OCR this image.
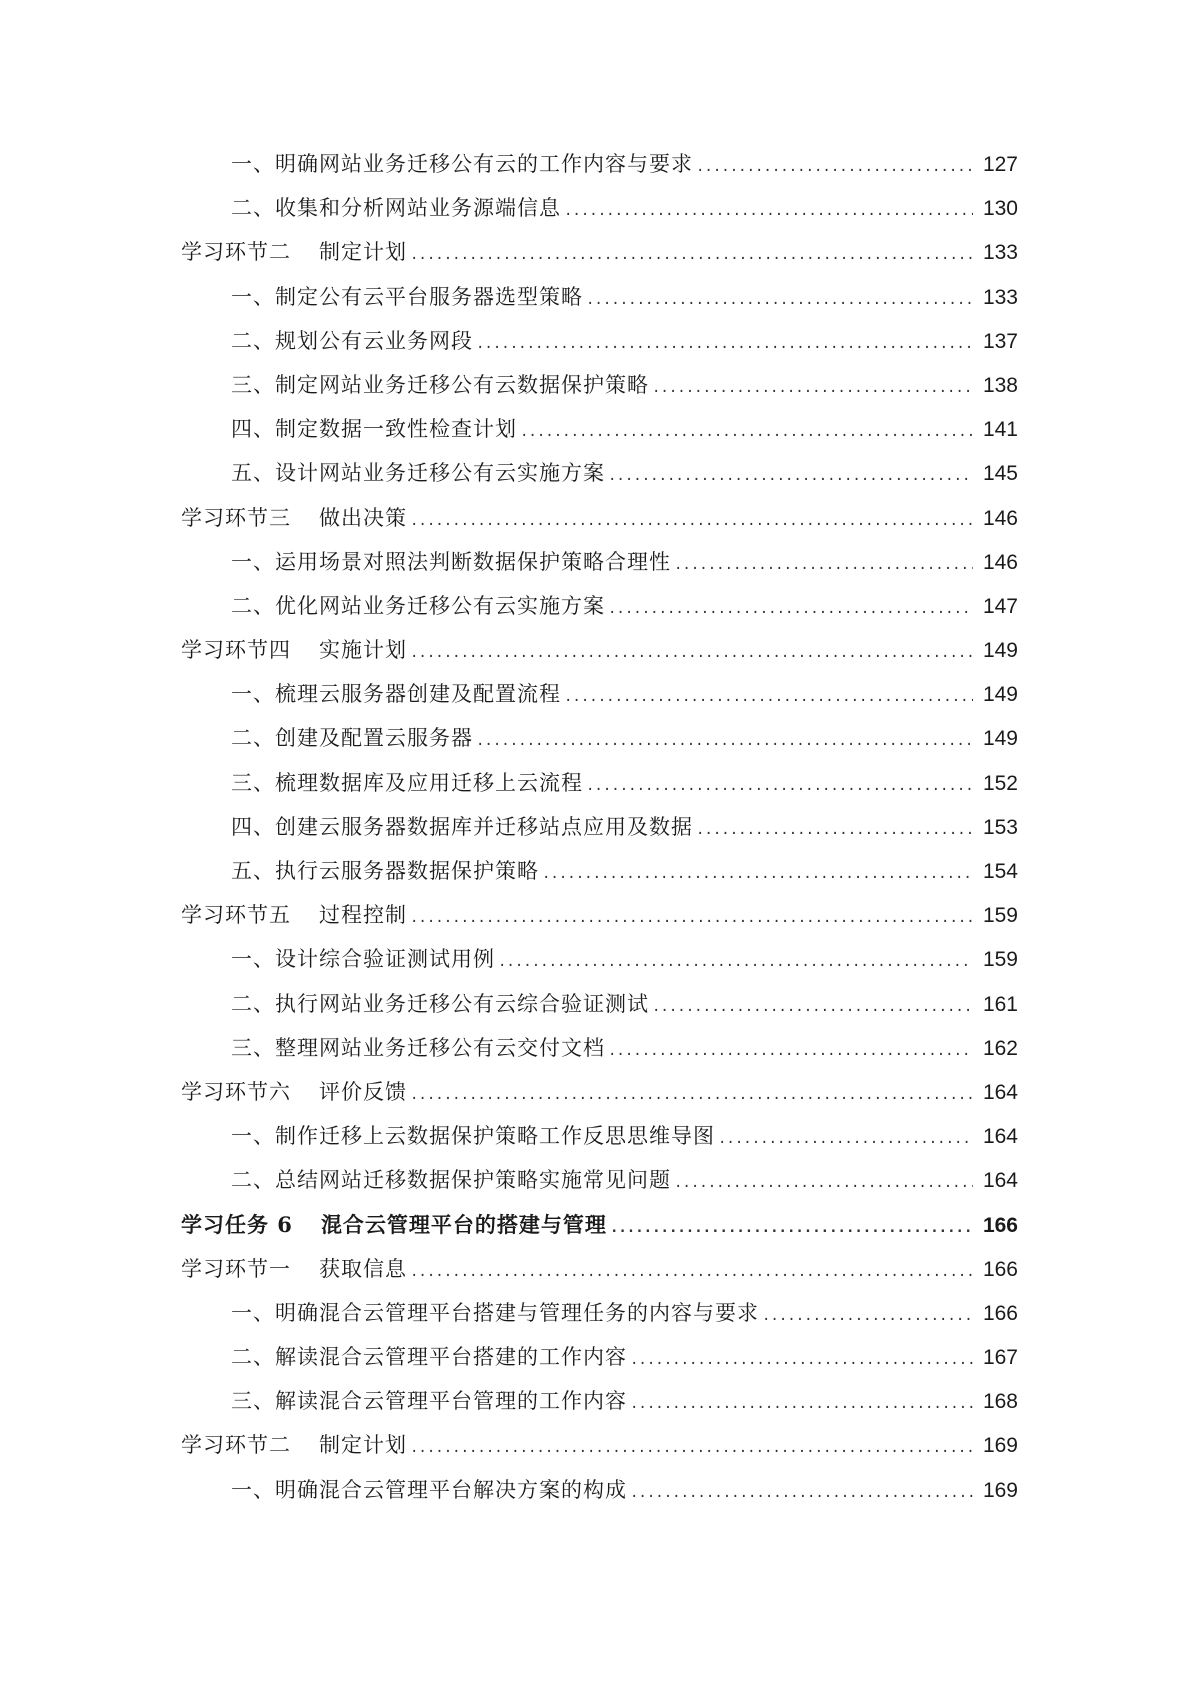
一、明确网站业务迁移公有云的工作内容与要求 .....	127
二、收集和分析网站业务源端信息 .....	130
学习环节二 制定计划 .....	133
一、制定公有云平台服务器选型策略 .....	133
二、规划公有云业务网段 .....	137
三、制定网站业务迁移公有云数据保护策略 .....	138
四、制定数据一致性检查计划 .....	141
五、设计网站业务迁移公有云实施方案 .....	145
学习环节三 做出决策 .....	146
一、运用场景对照法判断数据保护策略合理性 .....	146
二、优化网站业务迁移公有云实施方案 .....	147
学习环节四 实施计划 .....	149
一、梳理云服务器创建及配置流程 .....	149
二、创建及配置云服务器 .....	149
三、梳理数据库及应用迁移上云流程 .....	152
四、创建云服务器数据库并迁移站点应用及数据 .....	153
五、执行云服务器数据保护策略 .....	154
学习环节五 过程控制 .....	159
一、设计综合验证测试用例 .....	159
二、执行网站业务迁移公有云综合验证测试 .....	161
三、整理网站业务迁移公有云交付文档 .....	162
学习环节六 评价反馈 .....	164
一、制作迁移上云数据保护策略工作反思思维导图 .....	164
二、总结网站迁移数据保护策略实施常见问题 .....	164
学习任务 6 混合云管理平台的搭建与管理 .....	166
学习环节一 获取信息 .....	166
一、明确混合云管理平台搭建与管理任务的内容与要求 .....	166
二、解读混合云管理平台搭建的工作内容 .....	167
三、解读混合云管理平台管理的工作内容 .....	168
学习环节二 制定计划 .....	169
一、明确混合云管理平台解决方案的构成 .....	169
